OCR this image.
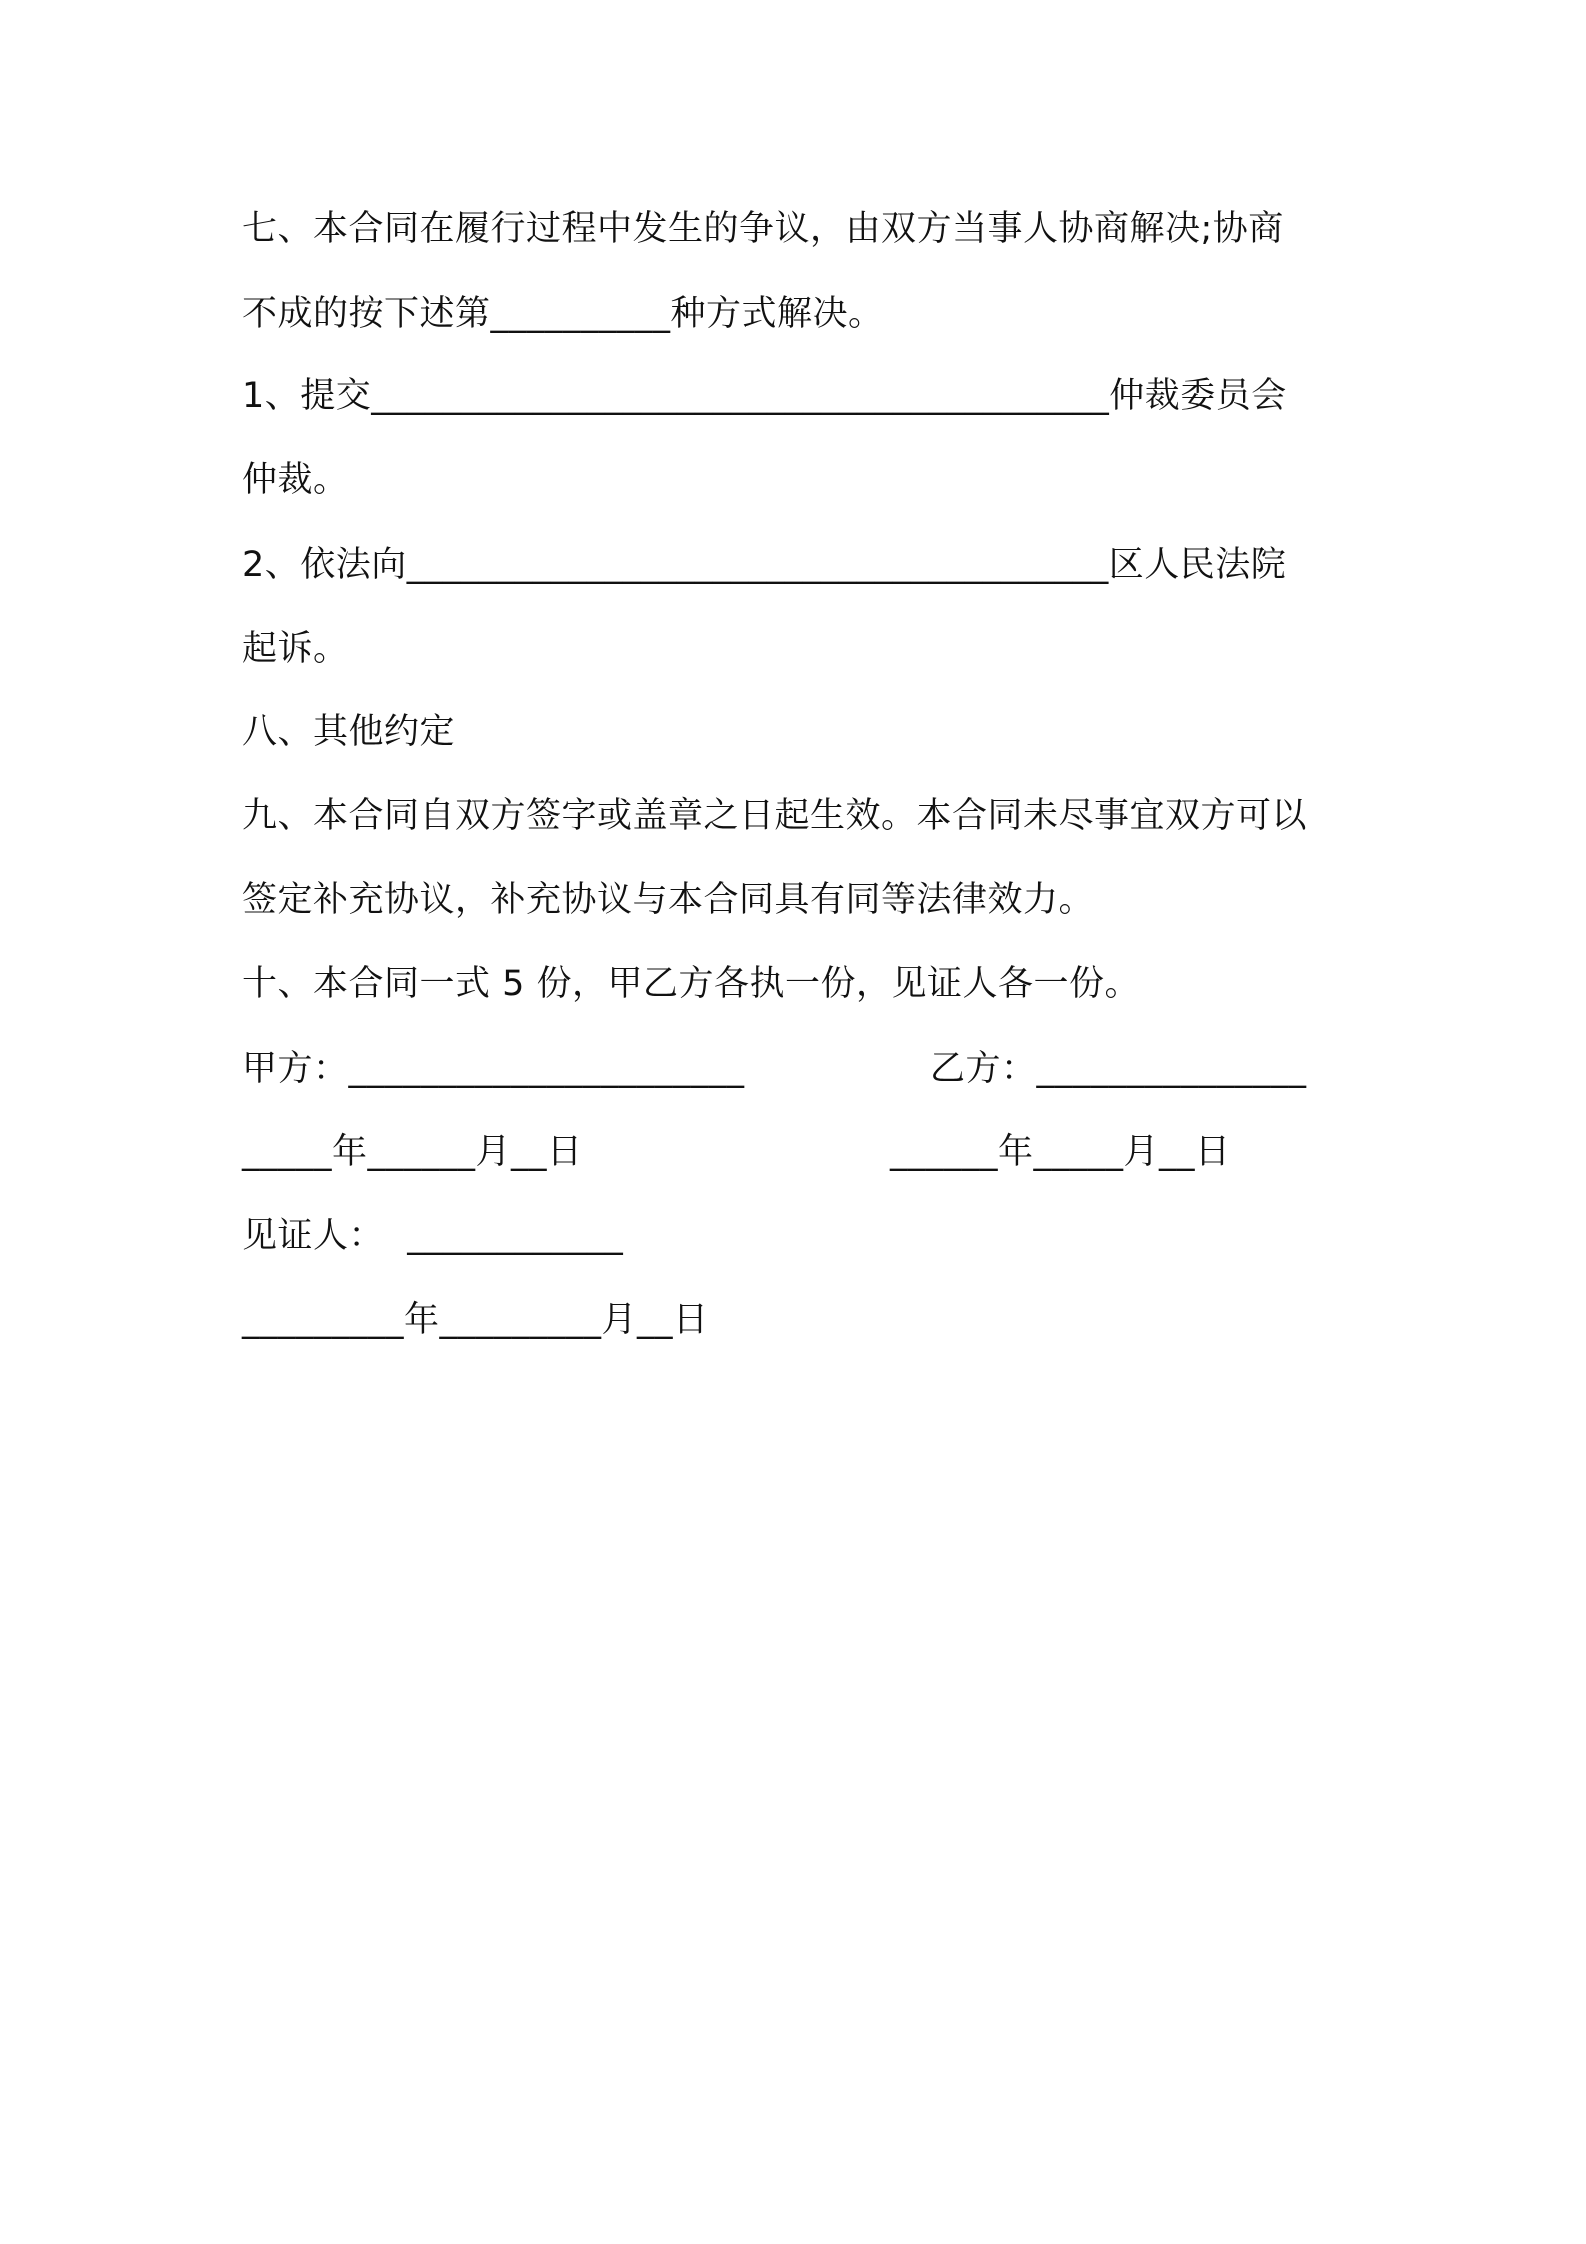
七、本合同在履行过程中发生的争议，由双方当事人协商解决;协商
不成的按下述第__________种方式解决。
1、提交_________________________________________仲裁委员会
仲裁。
2、依法向_______________________________________区人民法院
起诉。
八、其他约定
九、本合同自双方签字或盖章之日起生效。本合同未尽事宜双方可以
签定补充协议，补充协议与本合同具有同等法律效力。
十、本合同一式 5 份，甲乙方各执一份，见证人各一份。
甲方：______________________	乙方：_______________
_____年______月__日	______年_____月__日
见证人：  ____________
_________年_________月__日
